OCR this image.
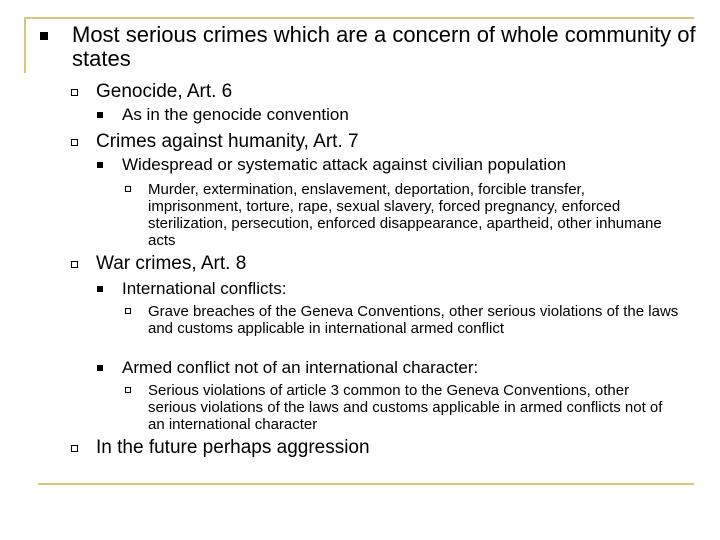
Most serious crimes which are a concern of whole community of states
Genocide, Art. 6
As in the genocide convention
Crimes against humanity, Art. 7
Widespread or systematic attack against civilian population
Murder, extermination, enslavement, deportation, forcible transfer, imprisonment, torture, rape, sexual slavery, forced pregnancy, enforced sterilization, persecution, enforced disappearance, apartheid, other inhumane acts
War crimes, Art. 8
International conflicts:
Grave breaches of the Geneva Conventions, other serious violations of the laws and customs applicable in international armed conflict
Armed conflict not of an international character:
Serious violations of article 3 common to the Geneva Conventions, other serious violations of the laws and customs applicable in armed conflicts not of an international character
In the future perhaps aggression
